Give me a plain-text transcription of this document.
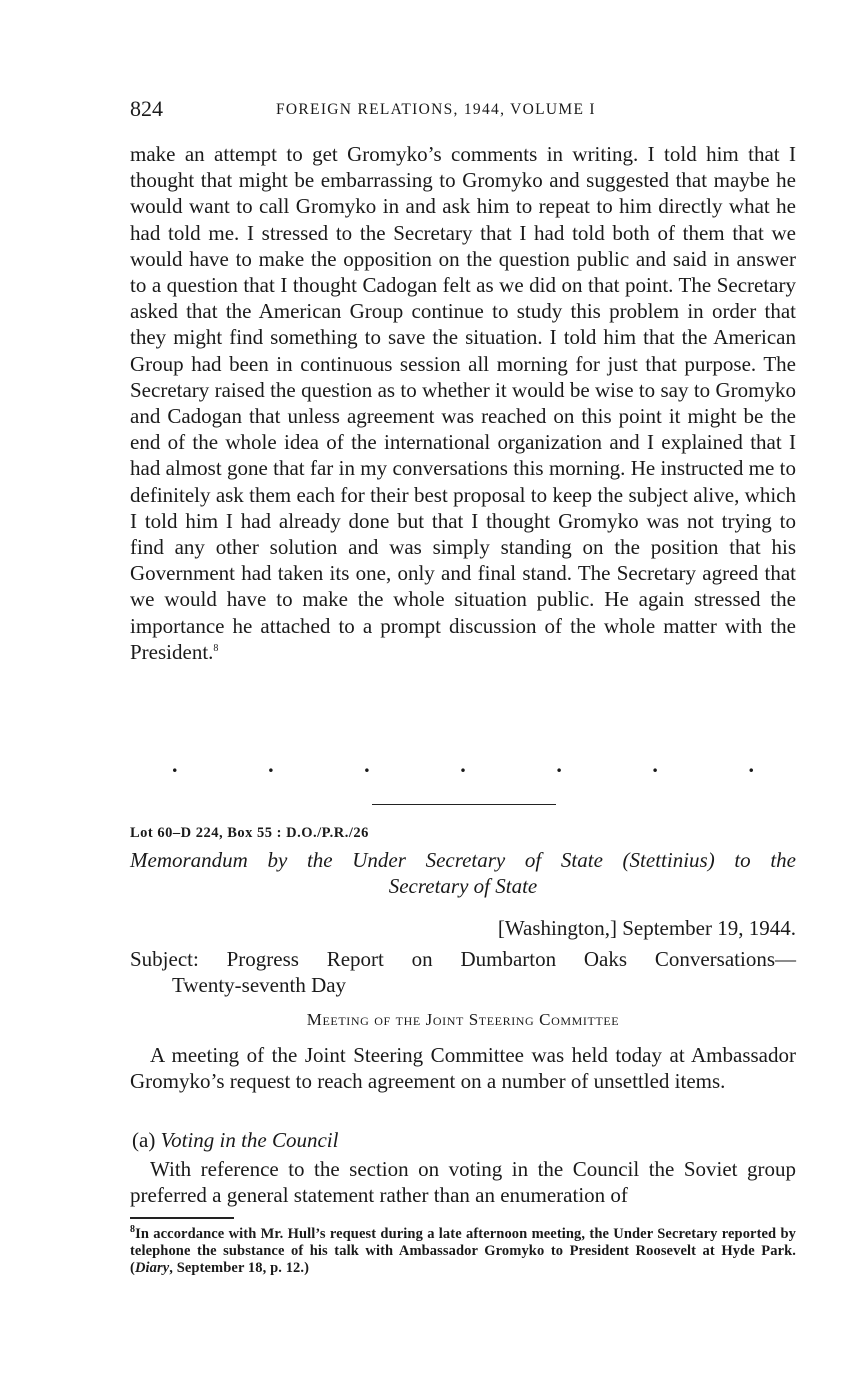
824	FOREIGN RELATIONS, 1944, VOLUME I

make an attempt to get Gromyko’s comments in writing. I told him that I thought that might be embarrassing to Gromyko and suggested that maybe he would want to call Gromyko in and ask him to repeat to him directly what he had told me. I stressed to the Secretary that I had told both of them that we would have to make the opposition on the question public and said in answer to a question that I thought Cadogan felt as we did on that point. The Secretary asked that the American Group continue to study this problem in order that they might find something to save the situation. I told him that the American Group had been in continuous session all morning for just that purpose. The Secretary raised the question as to whether it would be wise to say to Gromyko and Cadogan that unless agreement was reached on this point it might be the end of the whole idea of the international organization and I explained that I had almost gone that far in my conversations this morning. He instructed me to definitely ask them each for their best proposal to keep the subject alive, which I told him I had already done but that I thought Gromyko was not trying to find any other solution and was simply standing on the position that his Government had taken its one, only and final stand. The Secretary agreed that we would have to make the whole situation public. He again stressed the importance he attached to a prompt discussion of the whole matter with the President.$^8$

.	.	.	.	.	.	.
Lot 60–D 224, Box 55 : D.O./P.R./26
Memorandum by the Under Secretary of State (Stettinius) to the
Secretary of State
[Washington,] September 19, 1944.
Subject: Progress Report on Dumbarton Oaks Conversations—
Twenty-seventh Day
Meeting of the Joint Steering Committee
A meeting of the Joint Steering Committee was held today at Ambassador Gromyko’s request to reach agreement on a number of unsettled items.
(a) Voting in the Council
With reference to the section on voting in the Council the Soviet group preferred a general statement rather than an enumeration of
$^8$In accordance with Mr. Hull’s request during a late afternoon meeting, the Under Secretary reported by telephone the substance of his talk with Ambassador Gromyko to President Roosevelt at Hyde Park. (Diary, September 18, p. 12.)
